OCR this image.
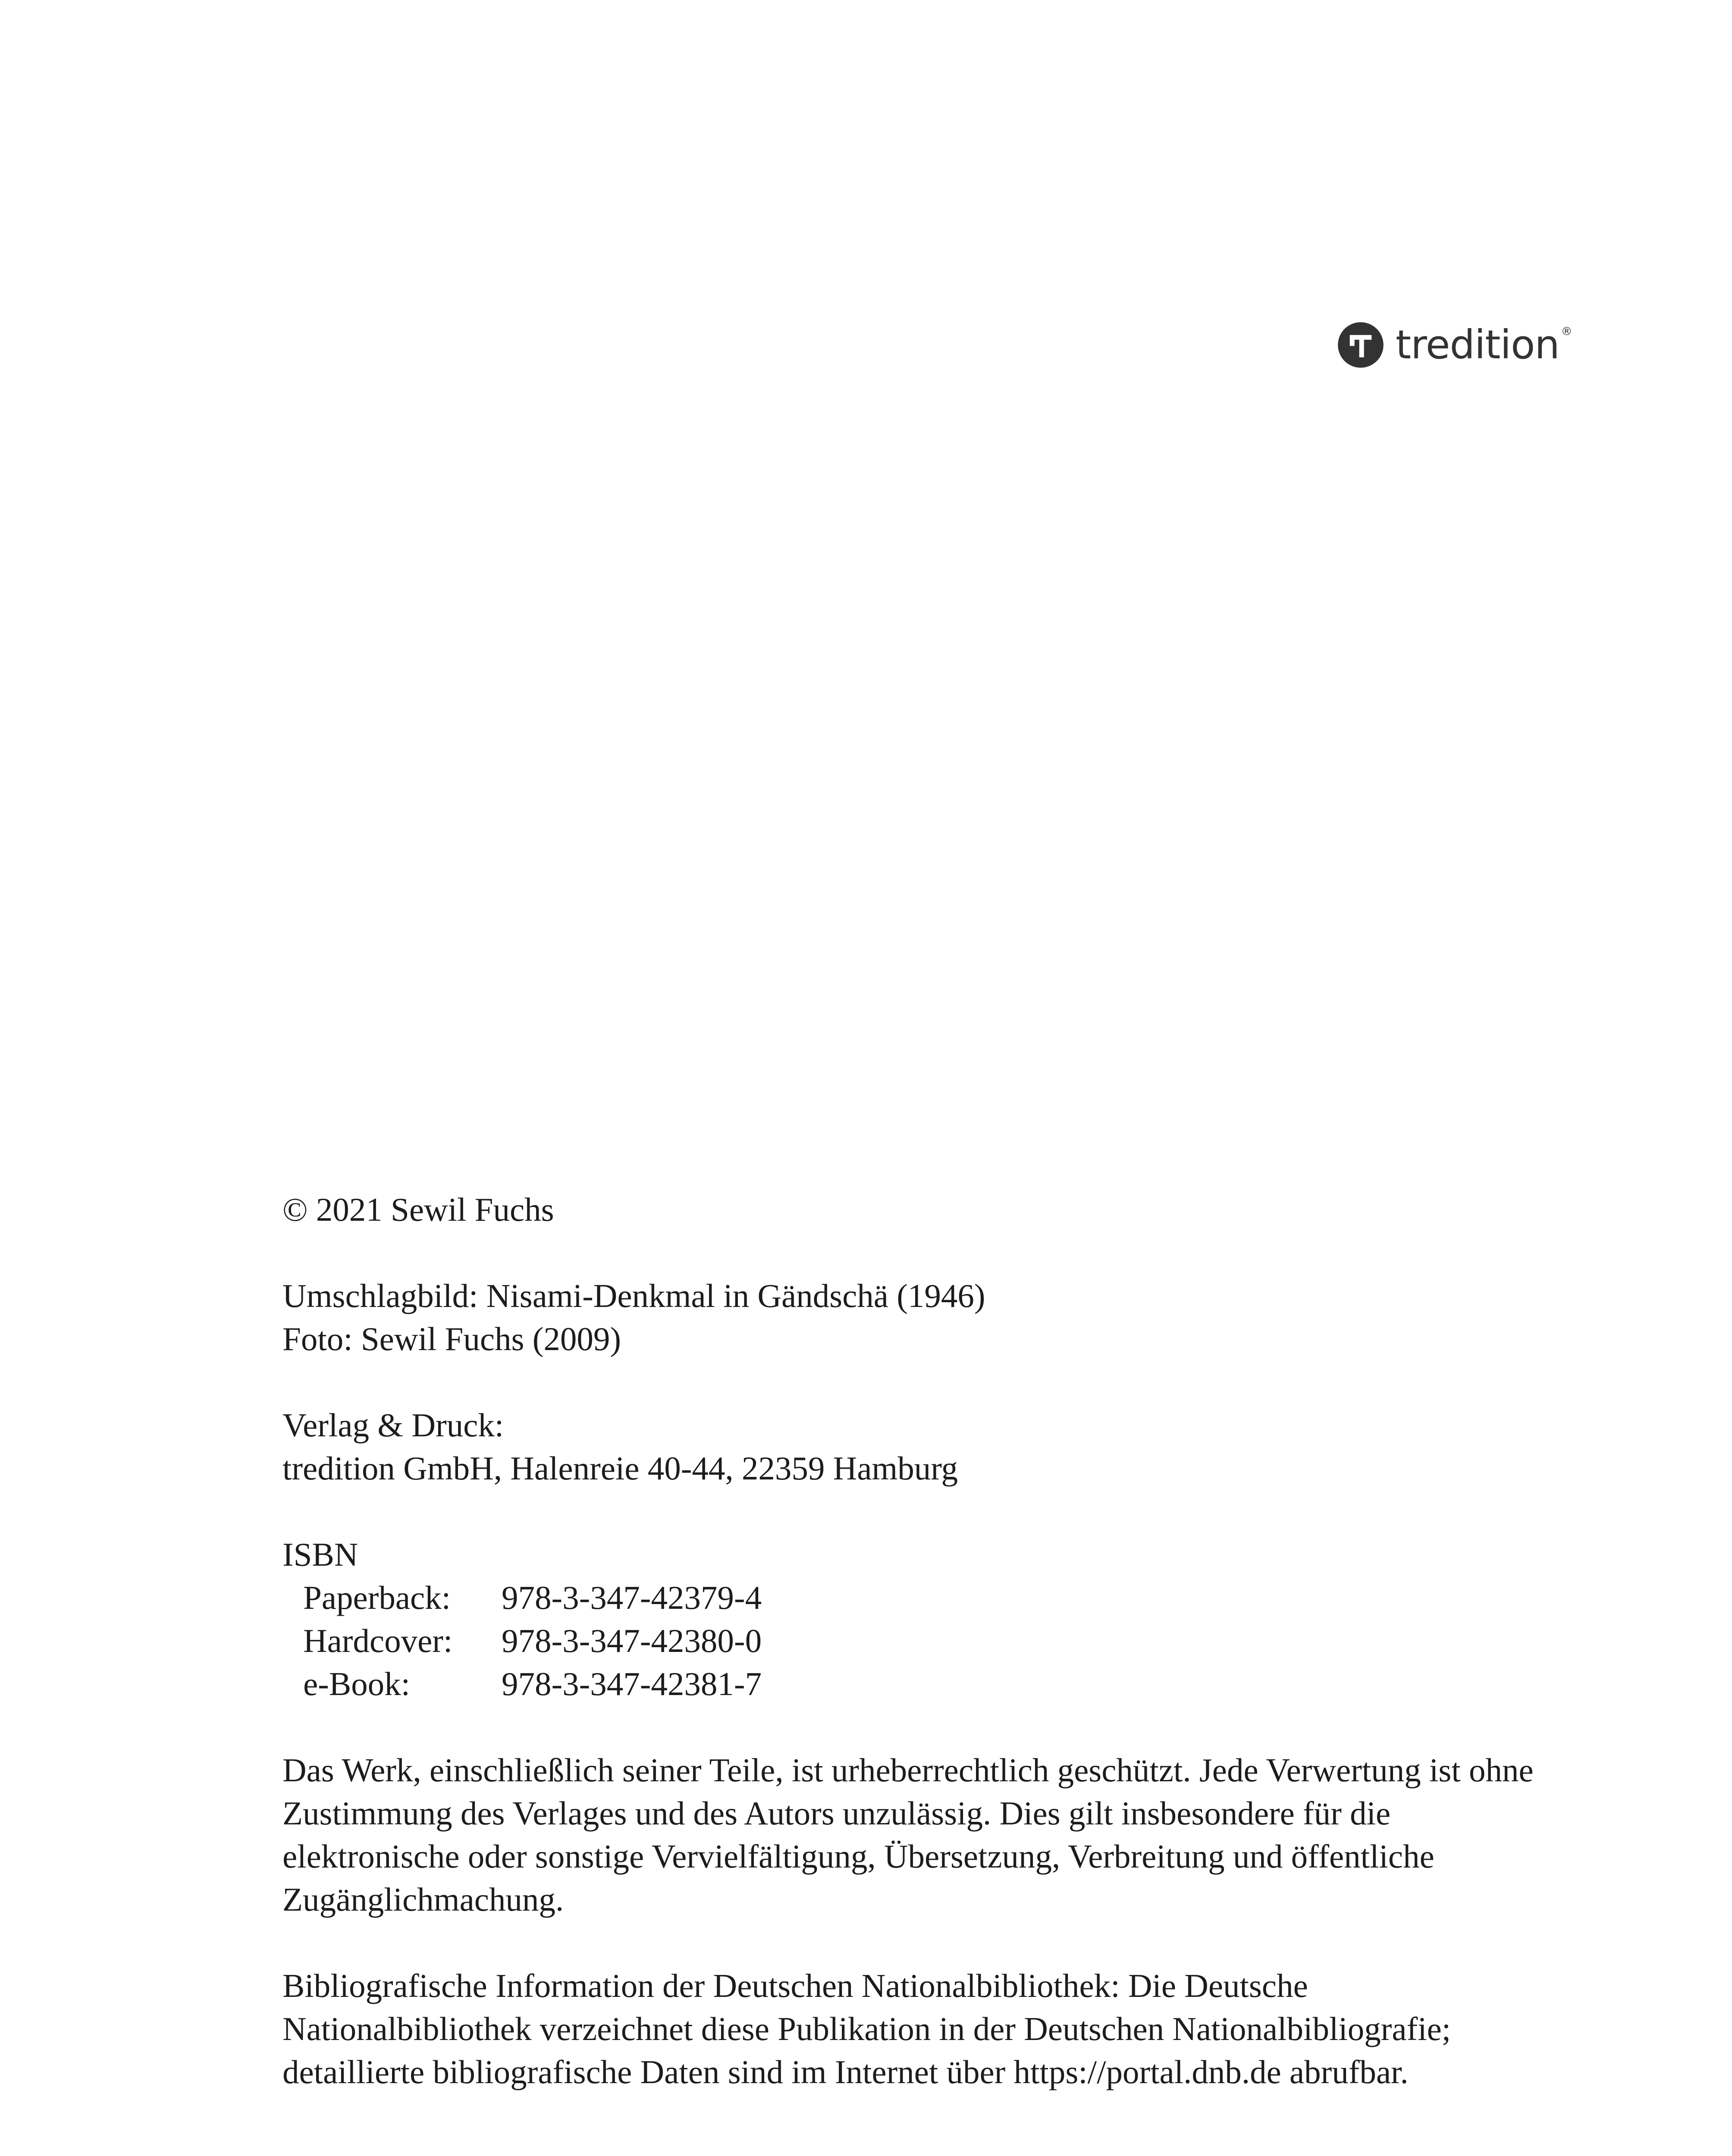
tredition ®
© 2021 Sewil Fuchs
Umschlagbild: Nisami-Denkmal in Gändschä (1946)
Foto: Sewil Fuchs (2009)
Verlag & Druck:
tredition GmbH, Halenreie 40-44, 22359 Hamburg
ISBN
Paperback:	978-3-347-42379-4
Hardcover:	978-3-347-42380-0
e-Book:	978-3-347-42381-7
Das Werk, einschließlich seiner Teile, ist urheberrechtlich geschützt. Jede Verwertung ist ohne
Zustimmung des Verlages und des Autors unzulässig. Dies gilt insbesondere für die
elektronische oder sonstige Vervielfältigung, Übersetzung, Verbreitung und öffentliche
Zugänglichmachung.
Bibliografische Information der Deutschen Nationalbibliothek: Die Deutsche
Nationalbibliothek verzeichnet diese Publikation in der Deutschen Nationalbibliografie;
detaillierte bibliografische Daten sind im Internet über https://portal.dnb.de abrufbar.
